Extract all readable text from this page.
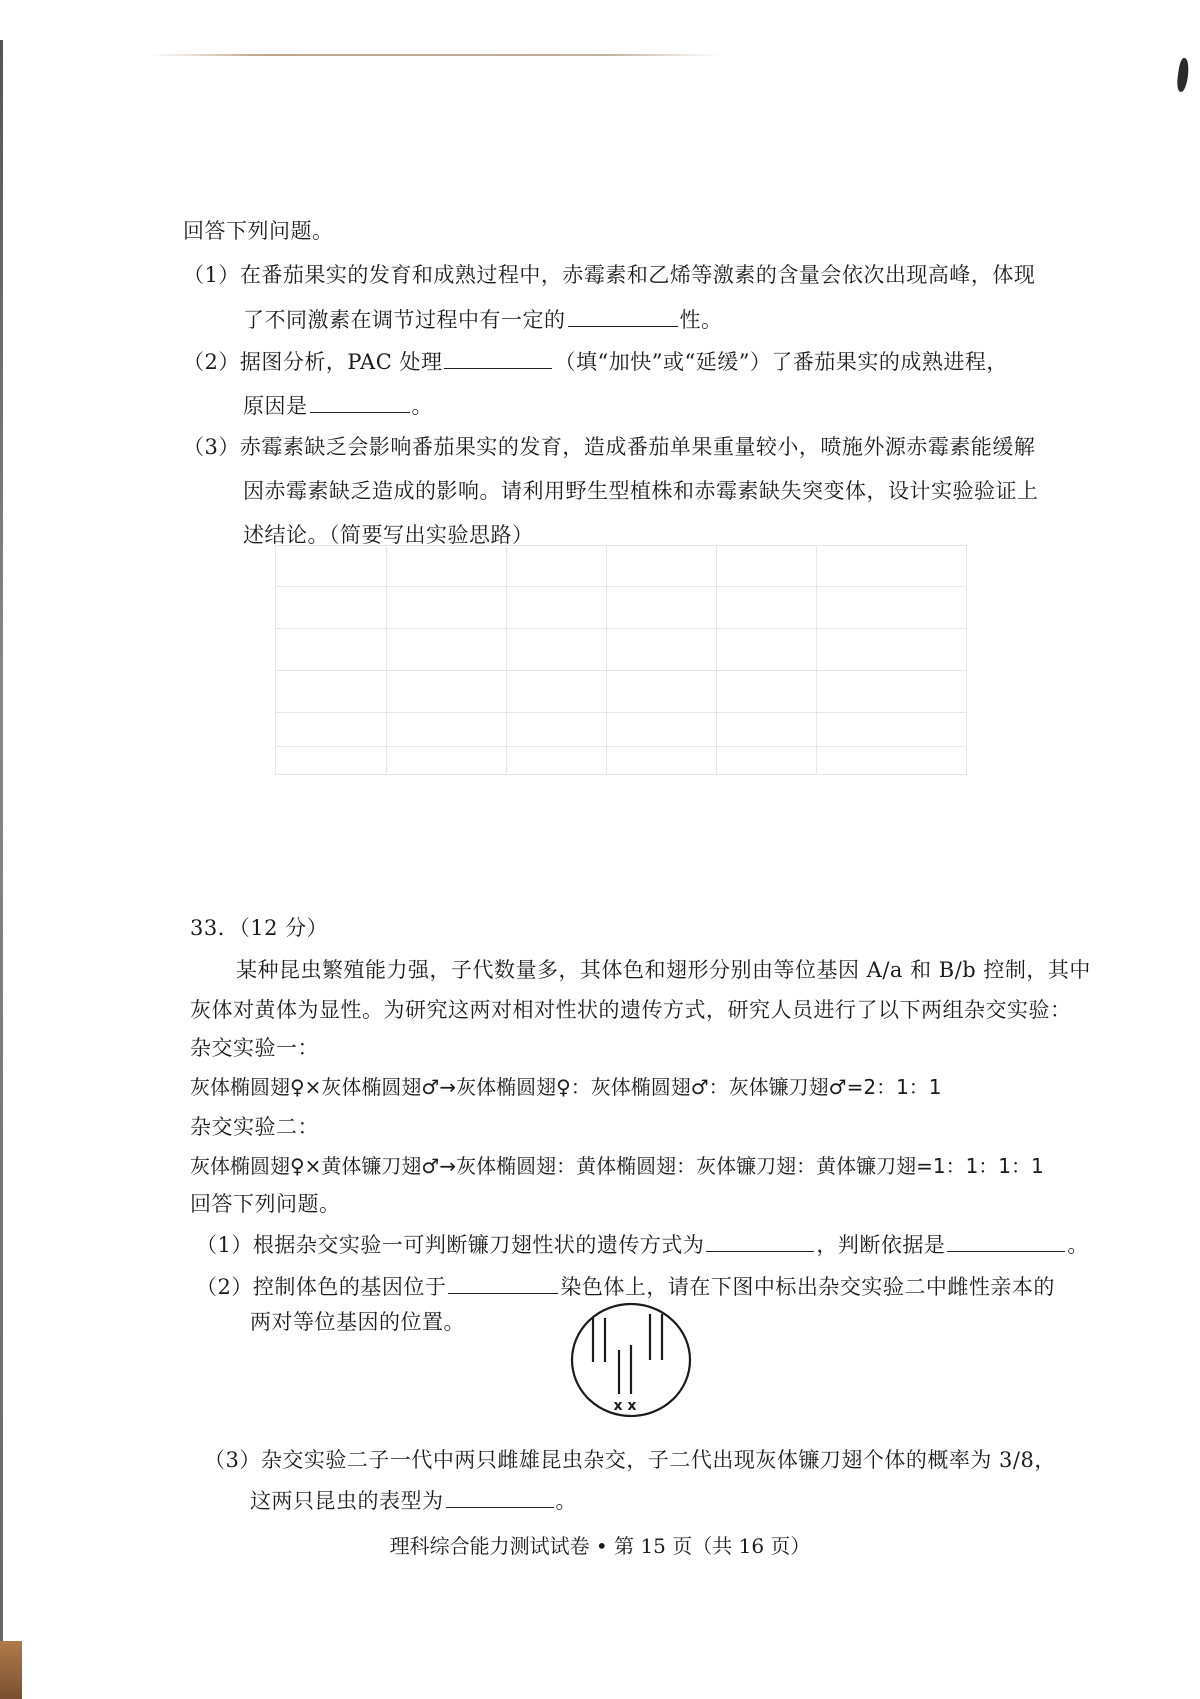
回答下列问题。
（1）在番茄果实的发育和成熟过程中，赤霉素和乙烯等激素的含量会依次出现高峰，体现
了不同激素在调节过程中有一定的	性。
（2）据图分析，PAC 处理	（填“加快”或“延缓”）了番茄果实的成熟进程，
原因是	。
（3）赤霉素缺乏会影响番茄果实的发育，造成番茄单果重量较小，喷施外源赤霉素能缓解
因赤霉素缺乏造成的影响。请利用野生型植株和赤霉素缺失突变体，设计实验验证上
述结论。（简要写出实验思路）
33．（12 分）
某种昆虫繁殖能力强，子代数量多，其体色和翅形分别由等位基因 A/a 和 B/b 控制，其中
灰体对黄体为显性。为研究这两对相对性状的遗传方式，研究人员进行了以下两组杂交实验：
杂交实验一：
灰体椭圆翅♀×灰体椭圆翅♂→灰体椭圆翅♀：灰体椭圆翅♂：灰体镰刀翅♂=2：1：1
杂交实验二：
灰体椭圆翅♀×黄体镰刀翅♂→灰体椭圆翅：黄体椭圆翅：灰体镰刀翅：黄体镰刀翅=1：1：1：1
回答下列问题。
（1）根据杂交实验一可判断镰刀翅性状的遗传方式为	，判断依据是	。
（2）控制体色的基因位于	染色体上，请在下图中标出杂交实验二中雌性亲本的
两对等位基因的位置。
x x
（3）杂交实验二子一代中两只雌雄昆虫杂交，子二代出现灰体镰刀翅个体的概率为 3/8，
这两只昆虫的表型为	。
理科综合能力测试试卷 • 第 15 页（共 16 页）
